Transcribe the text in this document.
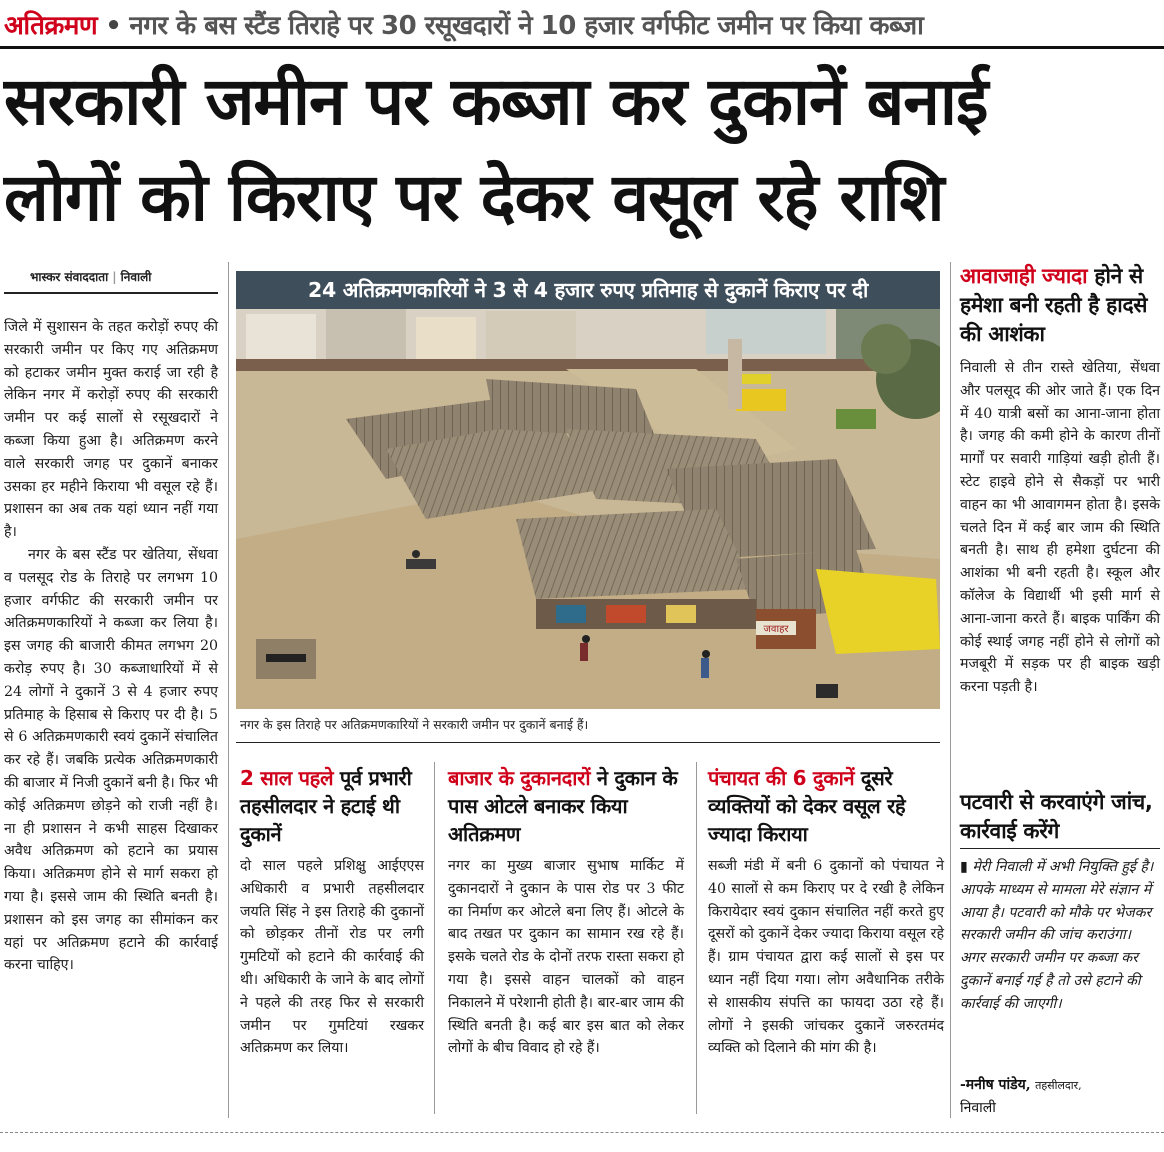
अतिक्रमण • नगर के बस स्टैंड तिराहे पर 30 रसूखदारों ने 10 हजार वर्गफीट जमीन पर किया कब्जा
सरकारी जमीन पर कब्जा कर दुकानें बनाई
लोगों को किराए पर देकर वसूल रहे राशि
भास्कर संवाददाता | निवाली

जिले में सुशासन के तहत करोड़ों रुपए की सरकारी जमीन पर किए गए अतिक्रमण को हटाकर जमीन मुक्त कराई जा रही है लेकिन नगर में करोड़ों रुपए की सरकारी जमीन पर कई सालों से रसूखदारों ने कब्जा किया हुआ है। अतिक्रमण करने वाले सरकारी जगह पर दुकानें बनाकर उसका हर महीने किराया भी वसूल रहे हैं। प्रशासन का अब तक यहां ध्यान नहीं गया है।

नगर के बस स्टैंड पर खेतिया, सेंधवा व पलसूद रोड के तिराहे पर लगभग 10 हजार वर्गफीट की सरकारी जमीन पर अतिक्रमणकारियों ने कब्जा कर लिया है। इस जगह की बाजारी कीमत लगभग 20 करोड़ रुपए है। 30 कब्जाधारियों में से 24 लोगों ने दुकानें 3 से 4 हजार रुपए प्रतिमाह के हिसाब से किराए पर दी है। 5 से 6 अतिक्रमणकारी स्वयं दुकानें संचालित कर रहे हैं। जबकि प्रत्येक अतिक्रमणकारी की बाजार में निजी दुकानें बनी है। फिर भी कोई अतिक्रमण छोड़ने को राजी नहीं है। ना ही प्रशासन ने कभी साहस दिखाकर अवैध अतिक्रमण को हटाने का प्रयास किया। अतिक्रमण होने से मार्ग सकरा हो गया है। इससे जाम की स्थिति बनती है। प्रशासन को इस जगह का सीमांकन कर यहां पर अतिक्रमण हटाने की कार्रवाई करना चाहिए।

24 अतिक्रमणकारियों ने 3 से 4 हजार रुपए प्रतिमाह से दुकानें किराए पर दी
जवाहर
नगर के इस तिराहे पर अतिक्रमणकारियों ने सरकारी जमीन पर दुकानें बनाई हैं।
2 साल पहले पूर्व प्रभारी तहसीलदार ने हटाई थी दुकानें
बाजार के दुकानदारों ने दुकान के पास ओटले बनाकर किया अतिक्रमण
पंचायत की 6 दुकानें दूसरे व्यक्तियों को देकर वसूल रहे ज्यादा किराया
दो साल पहले प्रशिक्षु आईएएस अधिकारी व प्रभारी तहसीलदार जयति सिंह ने इस तिराहे की दुकानों को छोड़कर तीनों रोड पर लगी गुमटियों को हटाने की कार्रवाई की थी। अधिकारी के जाने के बाद लोगों ने पहले की तरह फिर से सरकारी जमीन पर गुमटियां रखकर अतिक्रमण कर लिया।
नगर का मुख्य बाजार सुभाष मार्किट में दुकानदारों ने दुकान के पास रोड पर 3 फीट का निर्माण कर ओटले बना लिए हैं। ओटले के बाद तखत पर दुकान का सामान रख रहे हैं। इसके चलते रोड के दोनों तरफ रास्ता सकरा हो गया है। इससे वाहन चालकों को वाहन निकालने में परेशानी होती है। बार-बार जाम की स्थिति बनती है। कई बार इस बात को लेकर लोगों के बीच विवाद हो रहे हैं।
सब्जी मंडी में बनी 6 दुकानों को पंचायत ने 40 सालों से कम किराए पर दे रखी है लेकिन किरायेदार स्वयं दुकान संचालित नहीं करते हुए दूसरों को दुकानें देकर ज्यादा किराया वसूल रहे हैं। ग्राम पंचायत द्वारा कई सालों से इस पर ध्यान नहीं दिया गया। लोग अवैधानिक तरीके से शासकीय संपत्ति का फायदा उठा रहे हैं। लोगों ने इसकी जांचकर दुकानें जरुरतमंद व्यक्ति को दिलाने की मांग की है।
आवाजाही ज्यादा होने से हमेशा बनी रहती है हादसे की आशंका
निवाली से तीन रास्ते खेतिया, सेंधवा और पलसूद की ओर जाते हैं। एक दिन में 40 यात्री बसों का आना-जाना होता है। जगह की कमी होने के कारण तीनों मार्गों पर सवारी गाड़ियां खड़ी होती हैं। स्टेट हाइवे होने से सैकड़ों पर भारी वाहन का भी आवागमन होता है। इसके चलते दिन में कई बार जाम की स्थिति बनती है। साथ ही हमेशा दुर्घटना की आशंका भी बनी रहती है। स्कूल और कॉलेज के विद्यार्थी भी इसी मार्ग से आना-जाना करते हैं। बाइक पार्किंग की कोई स्थाई जगह नहीं होने से लोगों को मजबूरी में सड़क पर ही बाइक खड़ी करना पड़ती है।
पटवारी से करवाएंगे जांच, कार्रवाई करेंगे
▮ मेरी निवाली में अभी नियुक्ति हुई है। आपके माध्यम से मामला मेरे संज्ञान में आया है। पटवारी को मौके पर भेजकर सरकारी जमीन की जांच कराउंगा। अगर सरकारी जमीन पर कब्जा कर दुकानें बनाई गई है तो उसे हटाने की कार्रवाई की जाएगी।
-मनीष पांडेय, तहसीलदार,
निवाली
